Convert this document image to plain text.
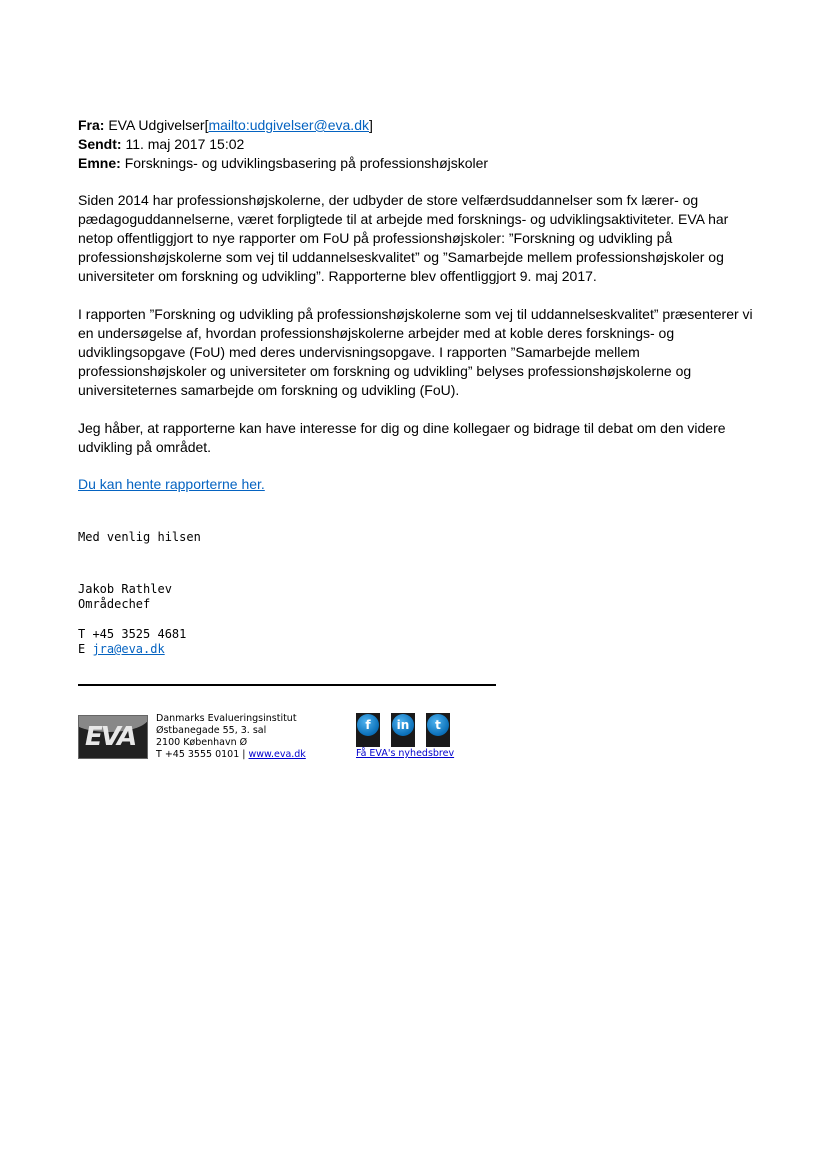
Fra: EVA Udgivelser[mailto:udgivelser@eva.dk]
Sendt: 11. maj 2017 15:02
Emne: Forsknings- og udviklingsbasering på professionshøjskoler

Siden 2014 har professionshøjskolerne, der udbyder de store velfærdsuddannelser som fx lærer- og pædagoguddannelserne, været forpligtede til at arbejde med forsknings- og udviklingsaktiviteter. EVA har netop offentliggjort to nye rapporter om FoU på professionshøjskoler: ”Forskning og udvikling på professionshøjskolerne som vej til uddannelseskvalitet” og ”Samarbejde mellem professionshøjskoler og universiteter om forskning og udvikling”. Rapporterne blev offentliggjort 9. maj 2017.

I rapporten ”Forskning og udvikling på professionshøjskolerne som vej til uddannelseskvalitet” præsenterer vi en undersøgelse af, hvordan professionshøjskolerne arbejder med at koble deres forsknings- og udviklingsopgave (FoU) med deres undervisningsopgave. I rapporten ”Samarbejde mellem professionshøjskoler og universiteter om forskning og udvikling” belyses professionshøjskolerne og universiteternes samarbejde om forskning og udvikling (FoU).

Jeg håber, at rapporterne kan have interesse for dig og dine kollegaer og bidrage til debat om den videre udvikling på området.

Du kan hente rapporterne her.

Med venlig hilsen
Jakob Rathlev
Områdechef
T +45 3525 4681
E jra@eva.dk
EVA
Danmarks Evalueringsinstitut
Østbanegade 55, 3. sal
2100 København Ø
T +45 3555 0101 | www.eva.dk
f	in	t
Få EVA's nyhedsbrev
